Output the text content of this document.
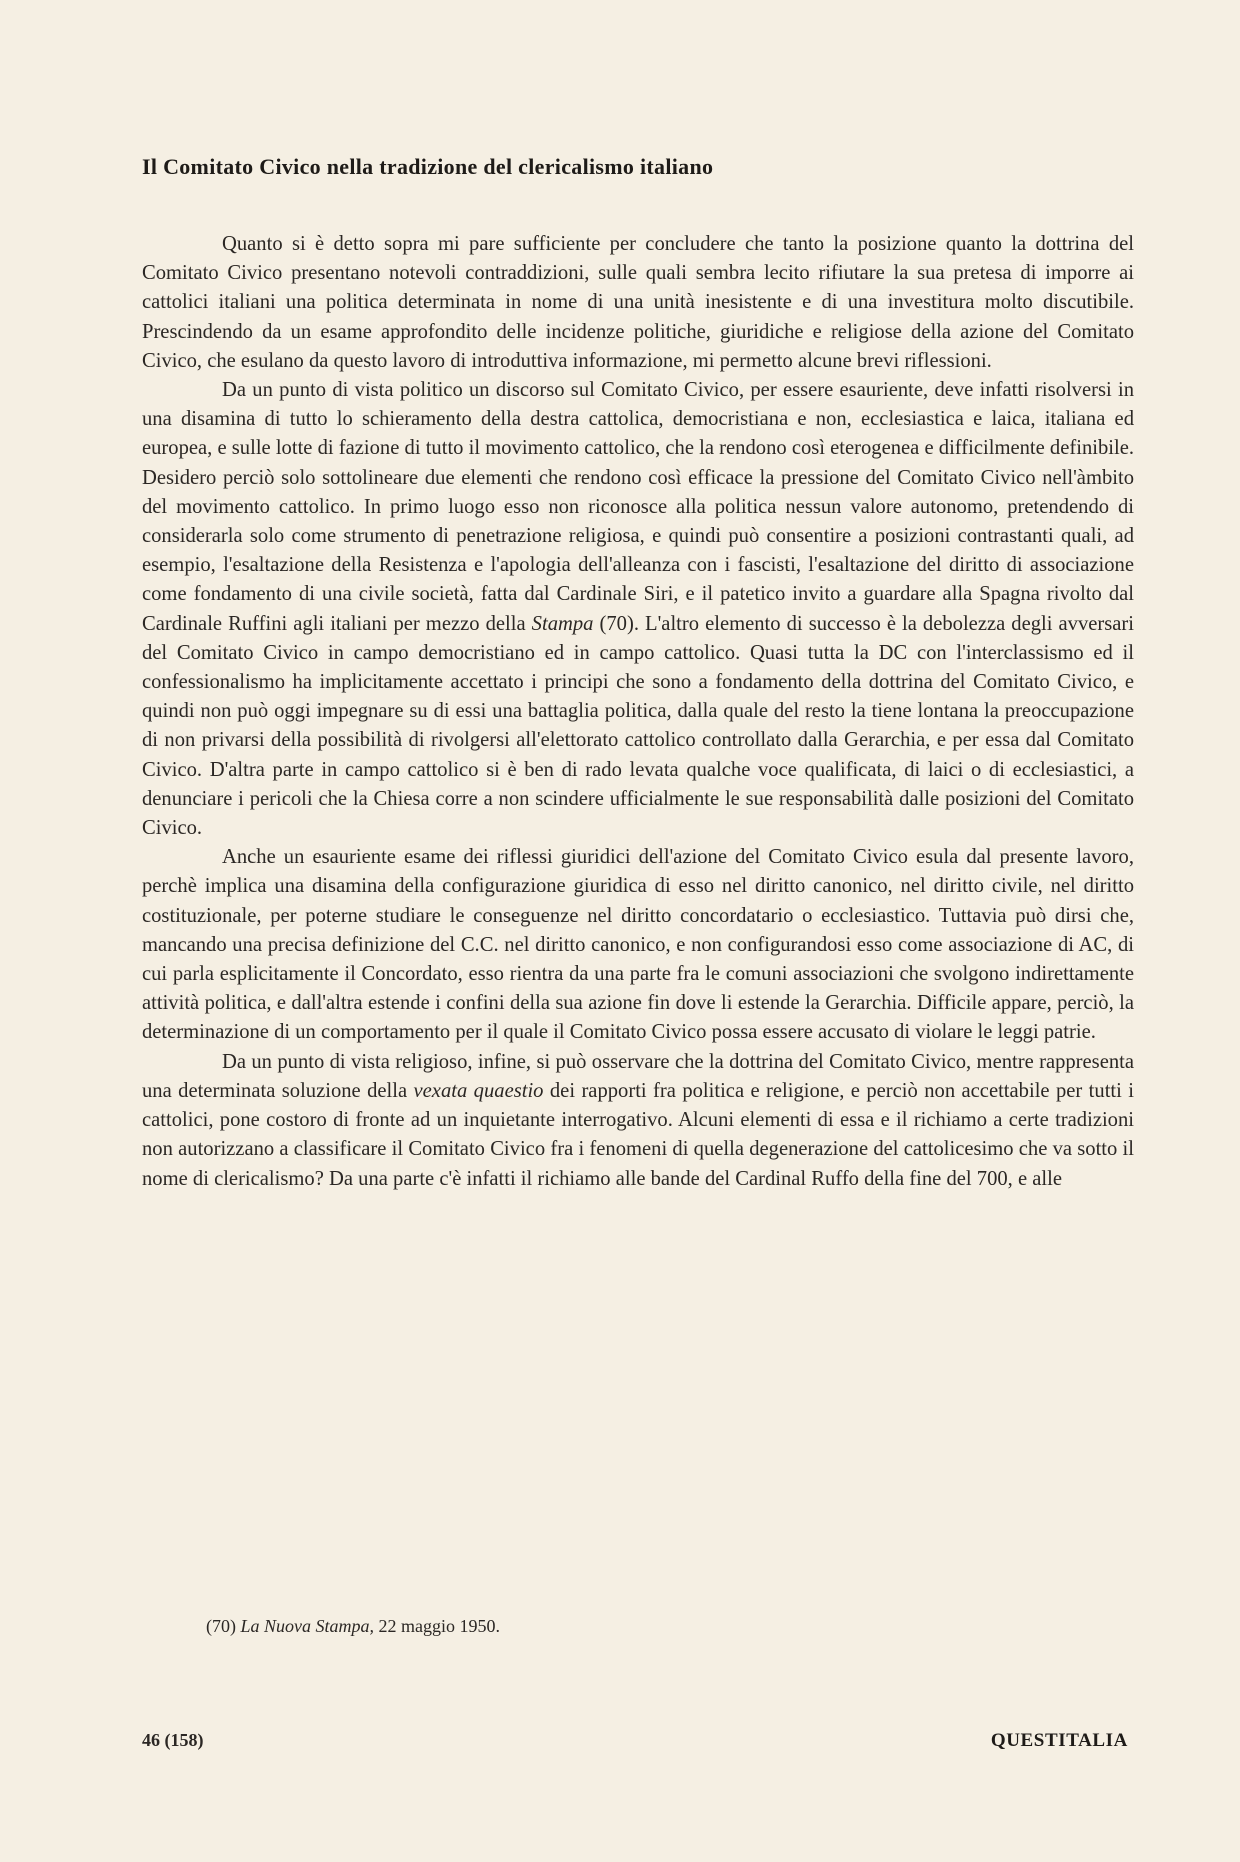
Il Comitato Civico nella tradizione del clericalismo italiano

Quanto si è detto sopra mi pare sufficiente per concludere che tanto la posizione quanto la dottrina del Comitato Civico presentano notevoli contraddizioni, sulle quali sembra lecito rifiutare la sua pretesa di imporre ai cattolici italiani una politica determinata in nome di una unità inesistente e di una investitura molto discutibile. Prescindendo da un esame approfondito delle incidenze politiche, giuridiche e religiose della azione del Comitato Civico, che esulano da questo lavoro di introduttiva informazione, mi permetto alcune brevi riflessioni.

Da un punto di vista politico un discorso sul Comitato Civico, per essere esauriente, deve infatti risolversi in una disamina di tutto lo schieramento della destra cattolica, democristiana e non, ecclesiastica e laica, italiana ed europea, e sulle lotte di fazione di tutto il movimento cattolico, che la rendono così eterogenea e difficilmente definibile. Desidero perciò solo sottolineare due elementi che rendono così efficace la pressione del Comitato Civico nell'àmbito del movimento cattolico. In primo luogo esso non riconosce alla politica nessun valore autonomo, pretendendo di considerarla solo come strumento di penetrazione religiosa, e quindi può consentire a posizioni contrastanti quali, ad esempio, l'esaltazione della Resistenza e l'apologia dell'alleanza con i fascisti, l'esaltazione del diritto di associazione come fondamento di una civile società, fatta dal Cardinale Siri, e il patetico invito a guardare alla Spagna rivolto dal Cardinale Ruffini agli italiani per mezzo della Stampa (70). L'altro elemento di successo è la debolezza degli avversari del Comitato Civico in campo democristiano ed in campo cattolico. Quasi tutta la DC con l'interclassismo ed il confessionalismo ha implicitamente accettato i principi che sono a fondamento della dottrina del Comitato Civico, e quindi non può oggi impegnare su di essi una battaglia politica, dalla quale del resto la tiene lontana la preoccupazione di non privarsi della possibilità di rivolgersi all'elettorato cattolico controllato dalla Gerarchia, e per essa dal Comitato Civico. D'altra parte in campo cattolico si è ben di rado levata qualche voce qualificata, di laici o di ecclesiastici, a denunciare i pericoli che la Chiesa corre a non scindere ufficialmente le sue responsabilità dalle posizioni del Comitato Civico.

Anche un esauriente esame dei riflessi giuridici dell'azione del Comitato Civico esula dal presente lavoro, perchè implica una disamina della configurazione giuridica di esso nel diritto canonico, nel diritto civile, nel diritto costituzionale, per poterne studiare le conseguenze nel diritto concordatario o ecclesiastico. Tuttavia può dirsi che, mancando una precisa definizione del C.C. nel diritto canonico, e non configurandosi esso come associazione di AC, di cui parla esplicitamente il Concordato, esso rientra da una parte fra le comuni associazioni che svolgono indirettamente attività politica, e dall'altra estende i confini della sua azione fin dove li estende la Gerarchia. Difficile appare, perciò, la determinazione di un comportamento per il quale il Comitato Civico possa essere accusato di violare le leggi patrie.

Da un punto di vista religioso, infine, si può osservare che la dottrina del Comitato Civico, mentre rappresenta una determinata soluzione della vexata quaestio dei rapporti fra politica e religione, e perciò non accettabile per tutti i cattolici, pone costoro di fronte ad un inquietante interrogativo. Alcuni elementi di essa e il richiamo a certe tradizioni non autorizzano a classificare il Comitato Civico fra i fenomeni di quella degenerazione del cattolicesimo che va sotto il nome di clericalismo? Da una parte c'è infatti il richiamo alle bande del Cardinal Ruffo della fine del 700, e alle

(70) La Nuova Stampa, 22 maggio 1950.
46 (158)	QUESTITALIA
